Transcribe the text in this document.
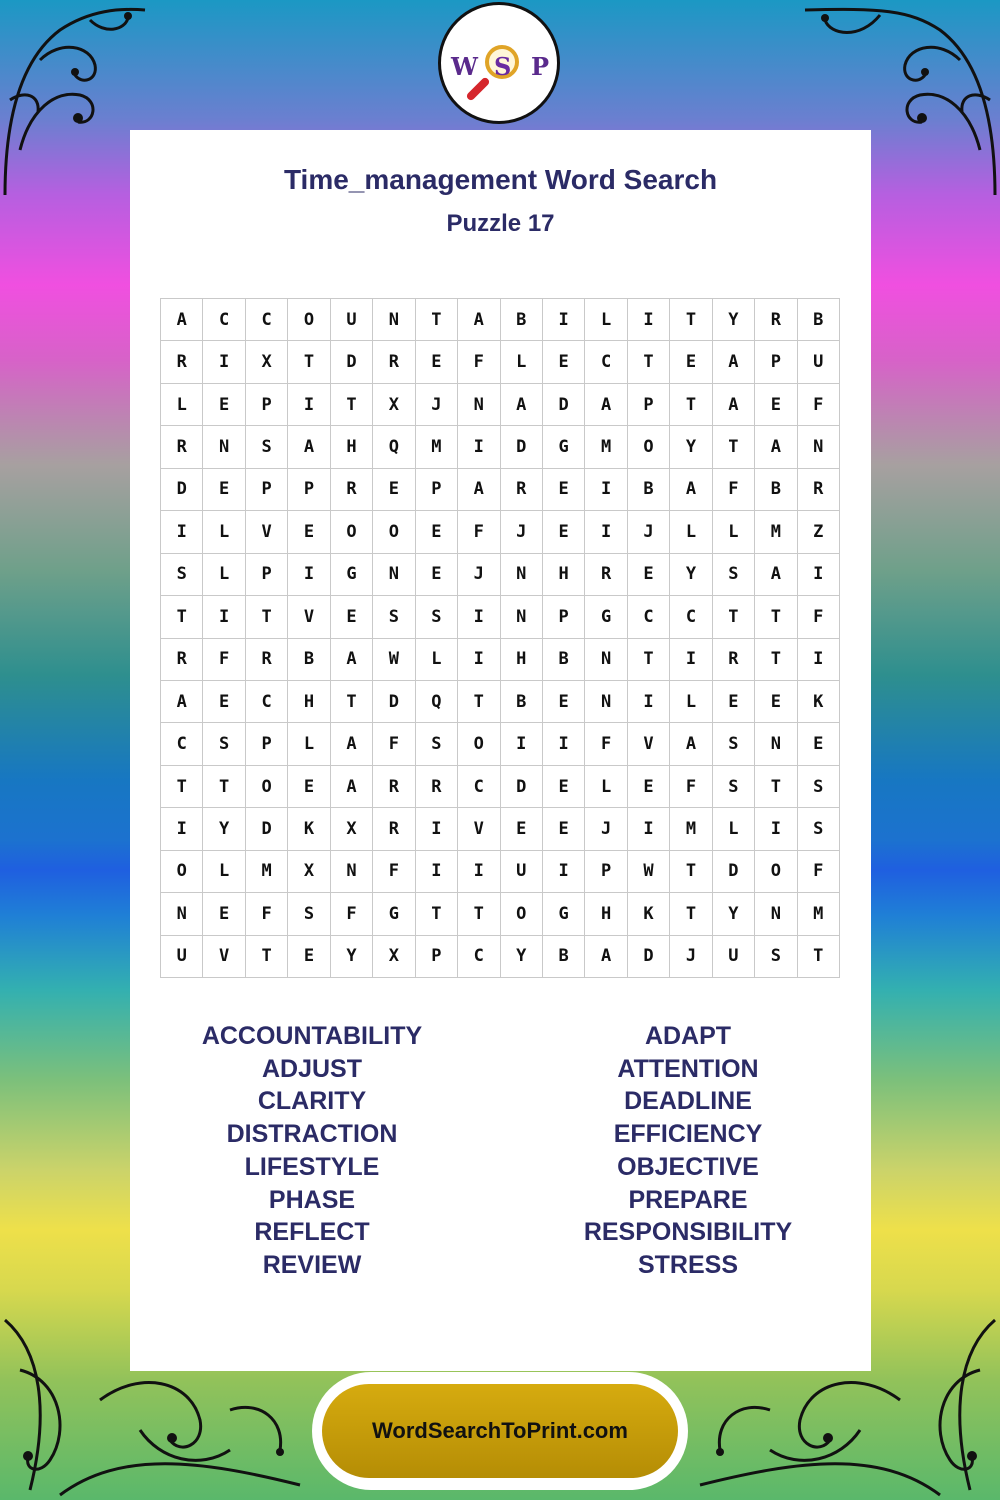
W S P
Time_management Word Search
Puzzle 17
A	C	C	O	U	N	T	A	B	I	L	I	T	Y	R	B
R	I	X	T	D	R	E	F	L	E	C	T	E	A	P	U
L	E	P	I	T	X	J	N	A	D	A	P	T	A	E	F
R	N	S	A	H	Q	M	I	D	G	M	O	Y	T	A	N
D	E	P	P	R	E	P	A	R	E	I	B	A	F	B	R
I	L	V	E	O	O	E	F	J	E	I	J	L	L	M	Z
S	L	P	I	G	N	E	J	N	H	R	E	Y	S	A	I
T	I	T	V	E	S	S	I	N	P	G	C	C	T	T	F
R	F	R	B	A	W	L	I	H	B	N	T	I	R	T	I
A	E	C	H	T	D	Q	T	B	E	N	I	L	E	E	K
C	S	P	L	A	F	S	O	I	I	F	V	A	S	N	E
T	T	O	E	A	R	R	C	D	E	L	E	F	S	T	S
I	Y	D	K	X	R	I	V	E	E	J	I	M	L	I	S
O	L	M	X	N	F	I	I	U	I	P	W	T	D	O	F
N	E	F	S	F	G	T	T	O	G	H	K	T	Y	N	M
U	V	T	E	Y	X	P	C	Y	B	A	D	J	U	S	T
ACCOUNTABILITY
ADJUST
CLARITY
DISTRACTION
LIFESTYLE
PHASE
REFLECT
REVIEW
ADAPT
ATTENTION
DEADLINE
EFFICIENCY
OBJECTIVE
PREPARE
RESPONSIBILITY
STRESS
WordSearchToPrint.com
